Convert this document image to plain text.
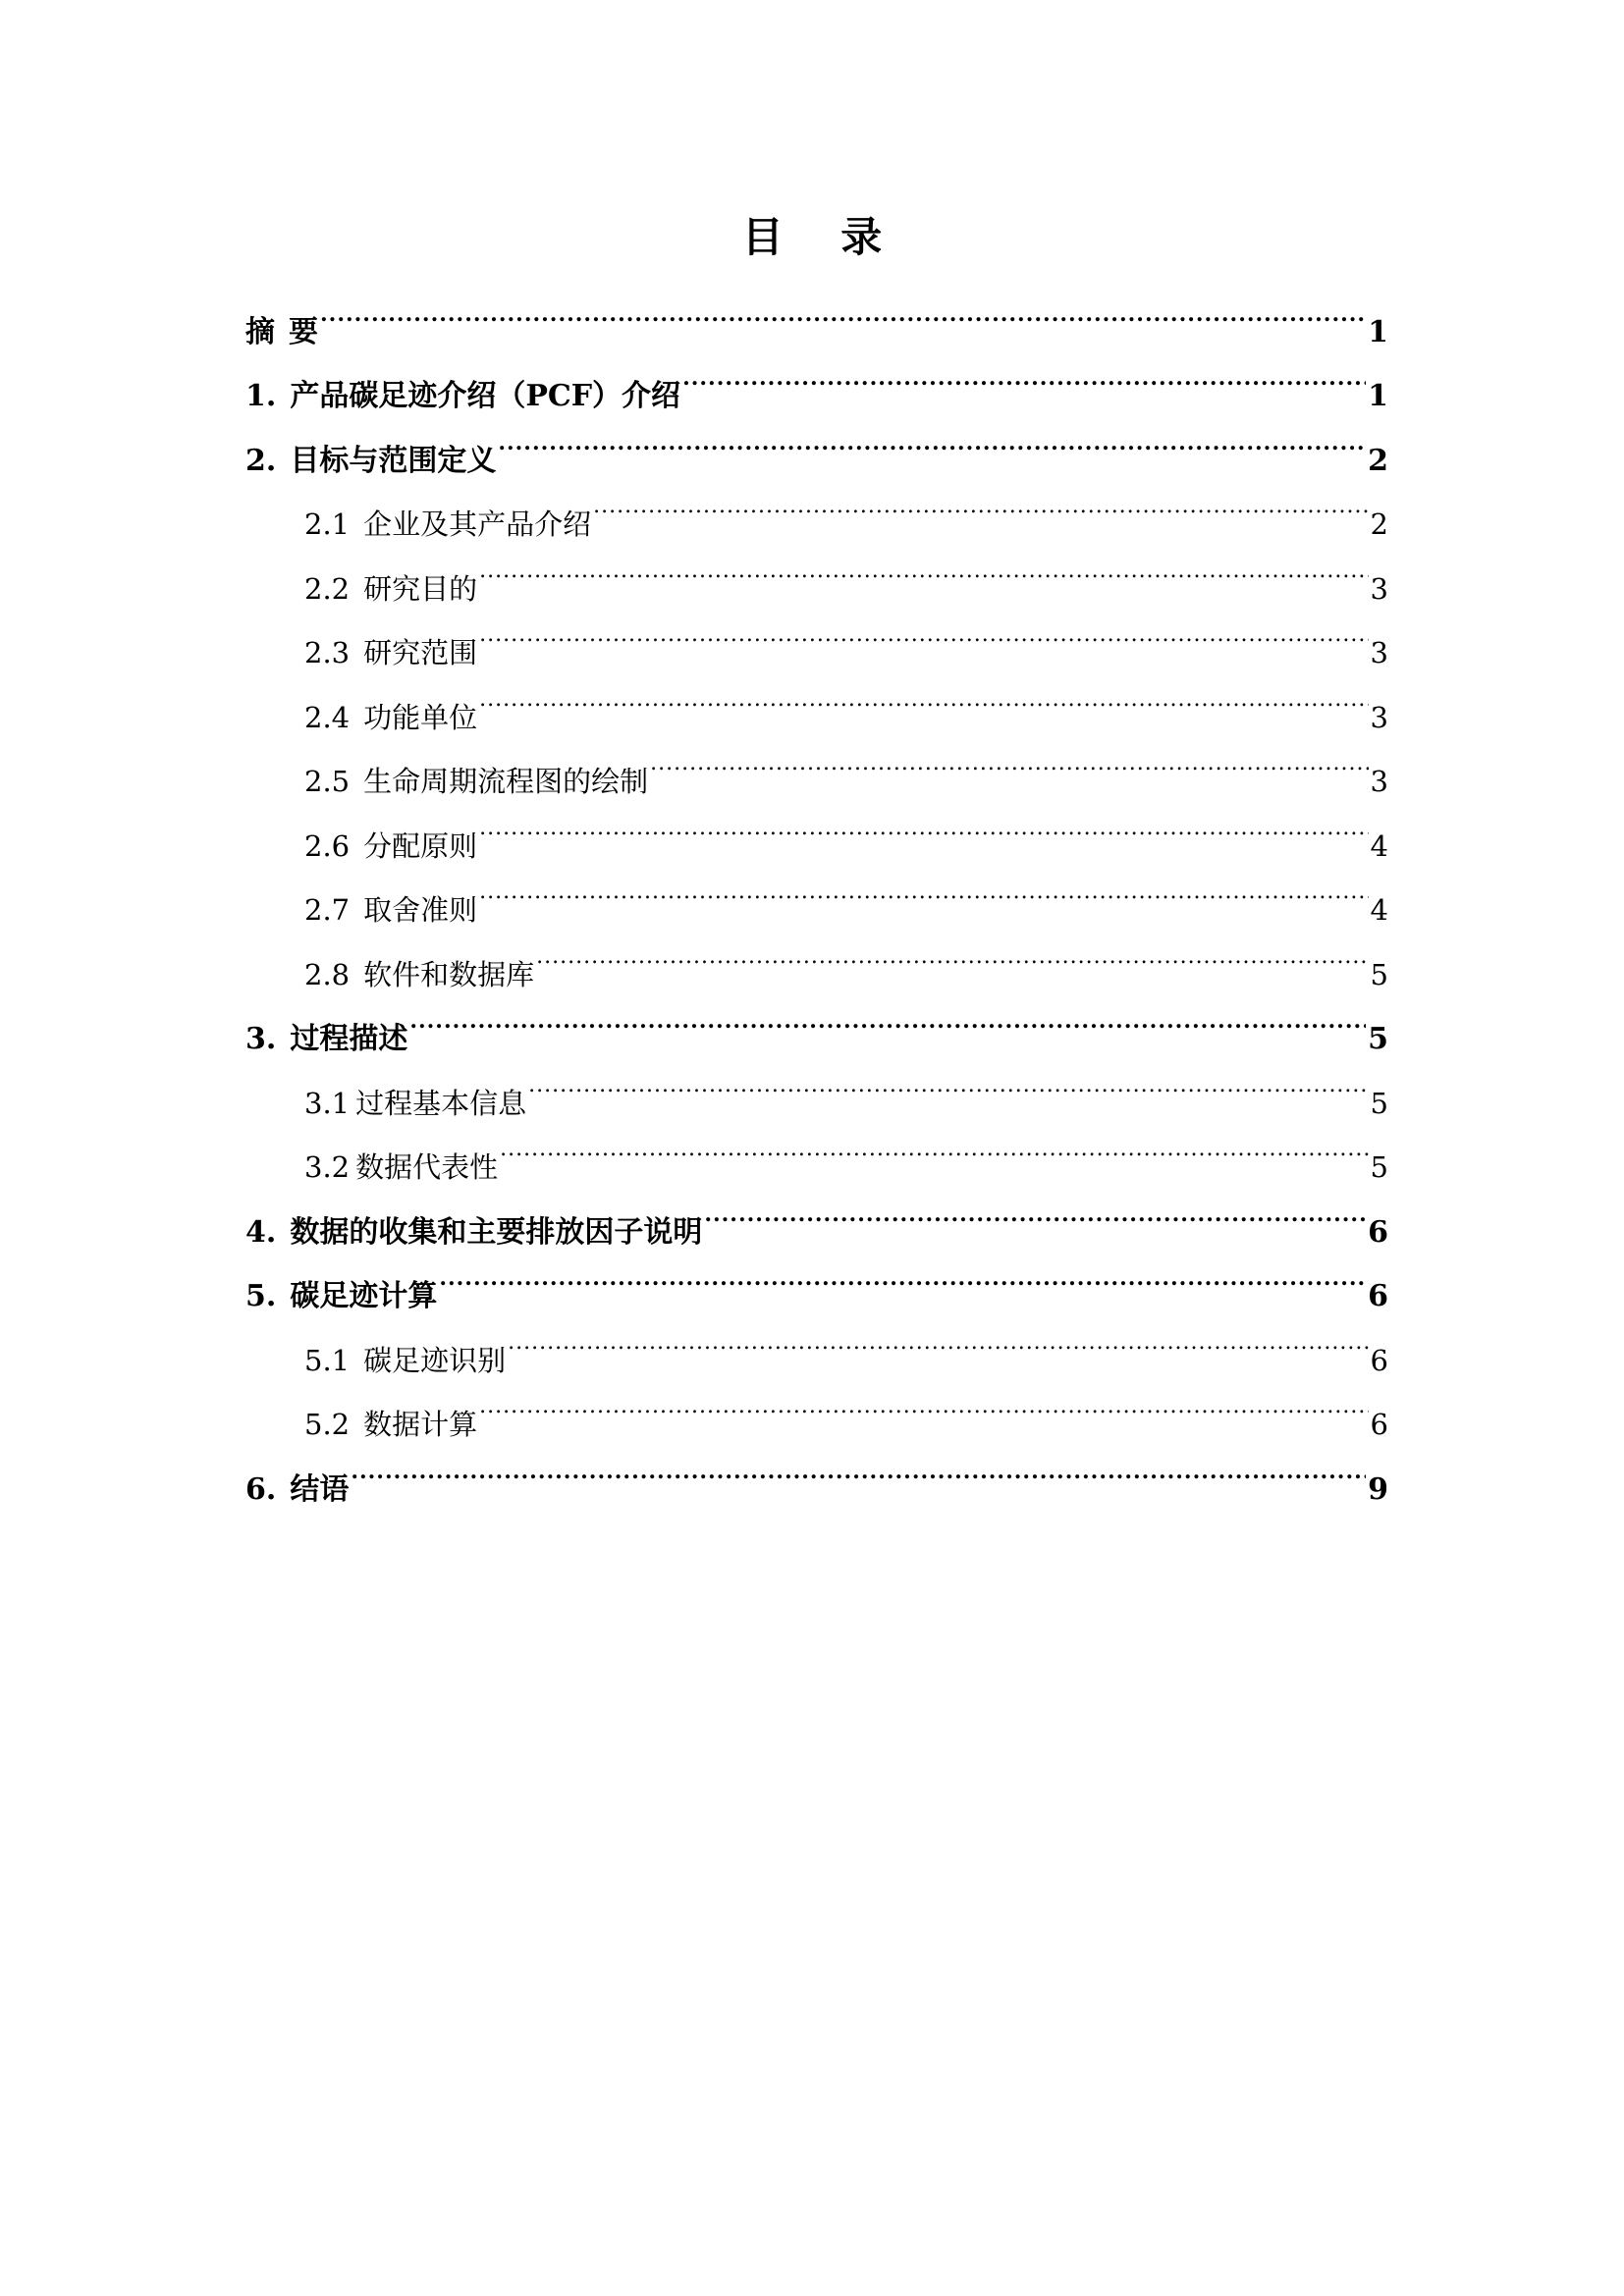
目 录
摘 要 .....	1
1. 产品碳足迹介绍（PCF）介绍 .....	1
2. 目标与范围定义 .....	2
2.1 企业及其产品介绍 .....	2
2.2 研究目的 .....	3
2.3 研究范围 .....	3
2.4 功能单位 .....	3
2.5 生命周期流程图的绘制 .....	3
2.6 分配原则 .....	4
2.7 取舍准则 .....	4
2.8 软件和数据库 .....	5
3. 过程描述 .....	5
3.1 过程基本信息 .....	5
3.2 数据代表性 .....	5
4. 数据的收集和主要排放因子说明 .....	6
5. 碳足迹计算 .....	6
5.1 碳足迹识别 .....	6
5.2 数据计算 .....	6
6. 结语 .....	9
